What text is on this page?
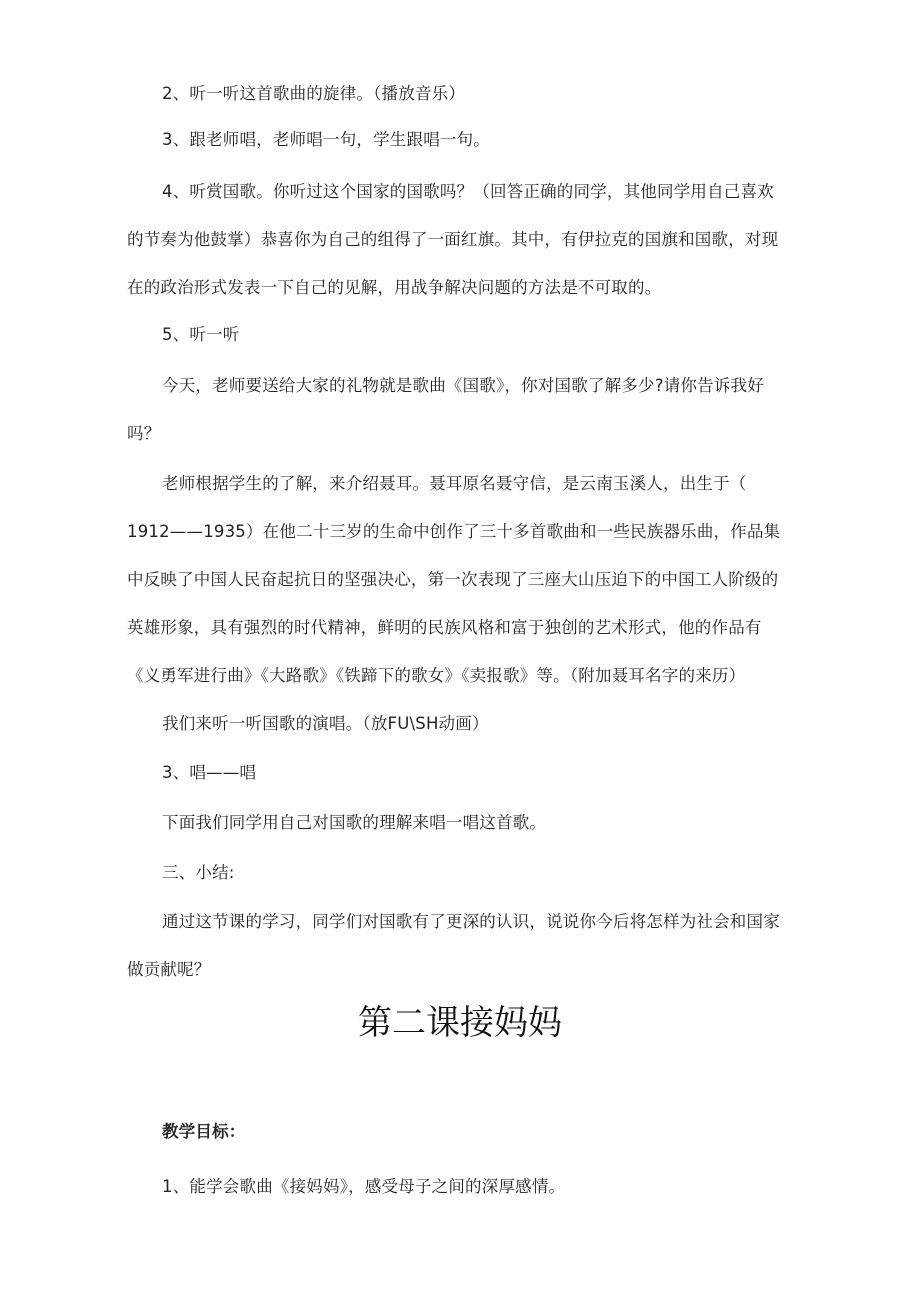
2、听一听这首歌曲的旋律。（播放音乐）
3、跟老师唱，老师唱一句，学生跟唱一句。
4、听赏国歌。你听过这个国家的国歌吗？（回答正确的同学，其他同学用自己喜欢
的节奏为他鼓掌）恭喜你为自己的组得了一面红旗。其中，有伊拉克的国旗和国歌，对现
在的政治形式发表一下自己的见解，用战争解决问题的方法是不可取的。
5、听一听
今天，老师要送给大家的礼物就是歌曲《国歌》，你对国歌了解多少?请你告诉我好
吗？
老师根据学生的了解，来介绍聂耳。聂耳原名聂守信，是云南玉溪人，出生于（
1912——1935）在他二十三岁的生命中创作了三十多首歌曲和一些民族器乐曲，作品集
中反映了中国人民奋起抗日的坚强决心，第一次表现了三座大山压迫下的中国工人阶级的
英雄形象，具有强烈的时代精神，鲜明的民族风格和富于独创的艺术形式，他的作品有
《义勇军进行曲》《大路歌》《铁蹄下的歌女》《卖报歌》等。（附加聂耳名字的来历）
我们来听一听国歌的演唱。（放FU\SH动画）
3、唱——唱
下面我们同学用自己对国歌的理解来唱一唱这首歌。
三、小结:
通过这节课的学习，同学们对国歌有了更深的认识，说说你今后将怎样为社会和国家
做贡献呢？
第二课接妈妈
教学目标：
1、能学会歌曲《接妈妈》，感受母子之间的深厚感情。
